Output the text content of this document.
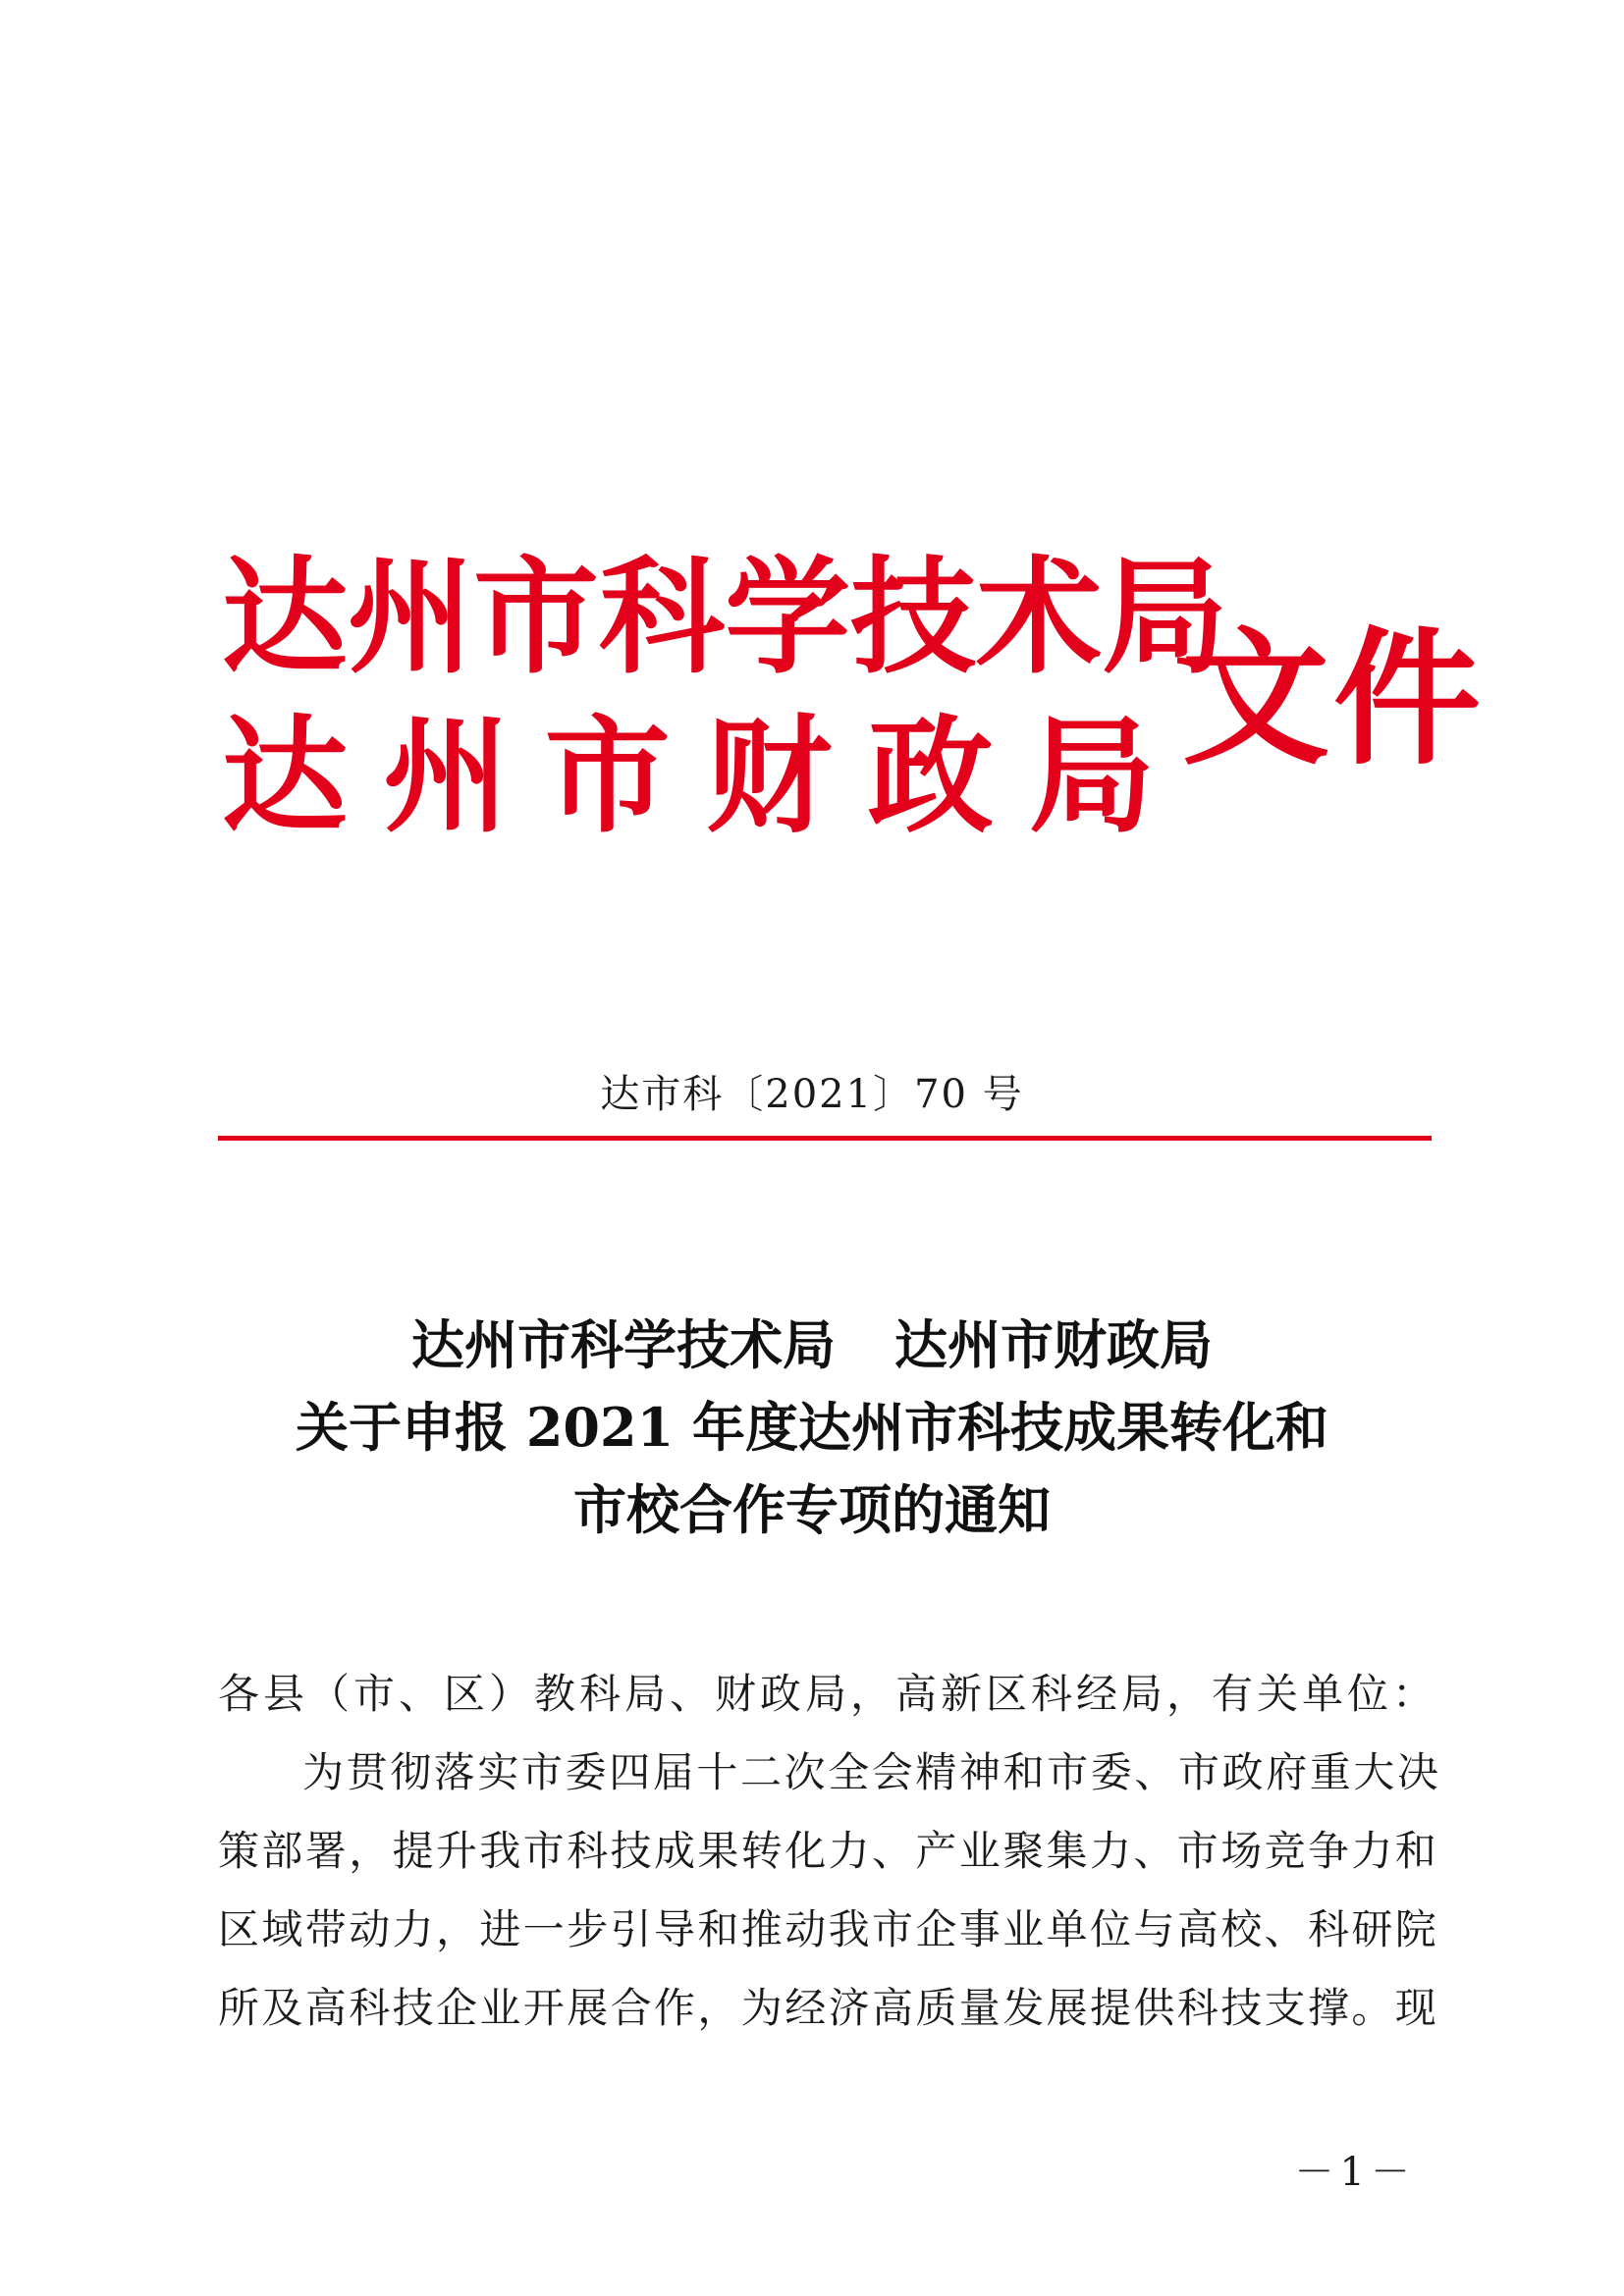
达 州 市 科 学 技 术 局
达 州 市 财 政 局 文件
达市科〔2021〕70 号
达州市科学技术局 达州市财政局
关于申报 2021 年度达州市科技成果转化和
市校合作专项的通知
各县（市、区）教科局、财政局，高新区科经局，有关单位：
为贯彻落实市委四届十二次全会精神和市委、市政府重大决
策部署，提升我市科技成果转化力、产业聚集力、市场竞争力和
区域带动力，进一步引导和推动我市企事业单位与高校、科研院
所及高科技企业开展合作，为经济高质量发展提供科技支撑。现
－1－
